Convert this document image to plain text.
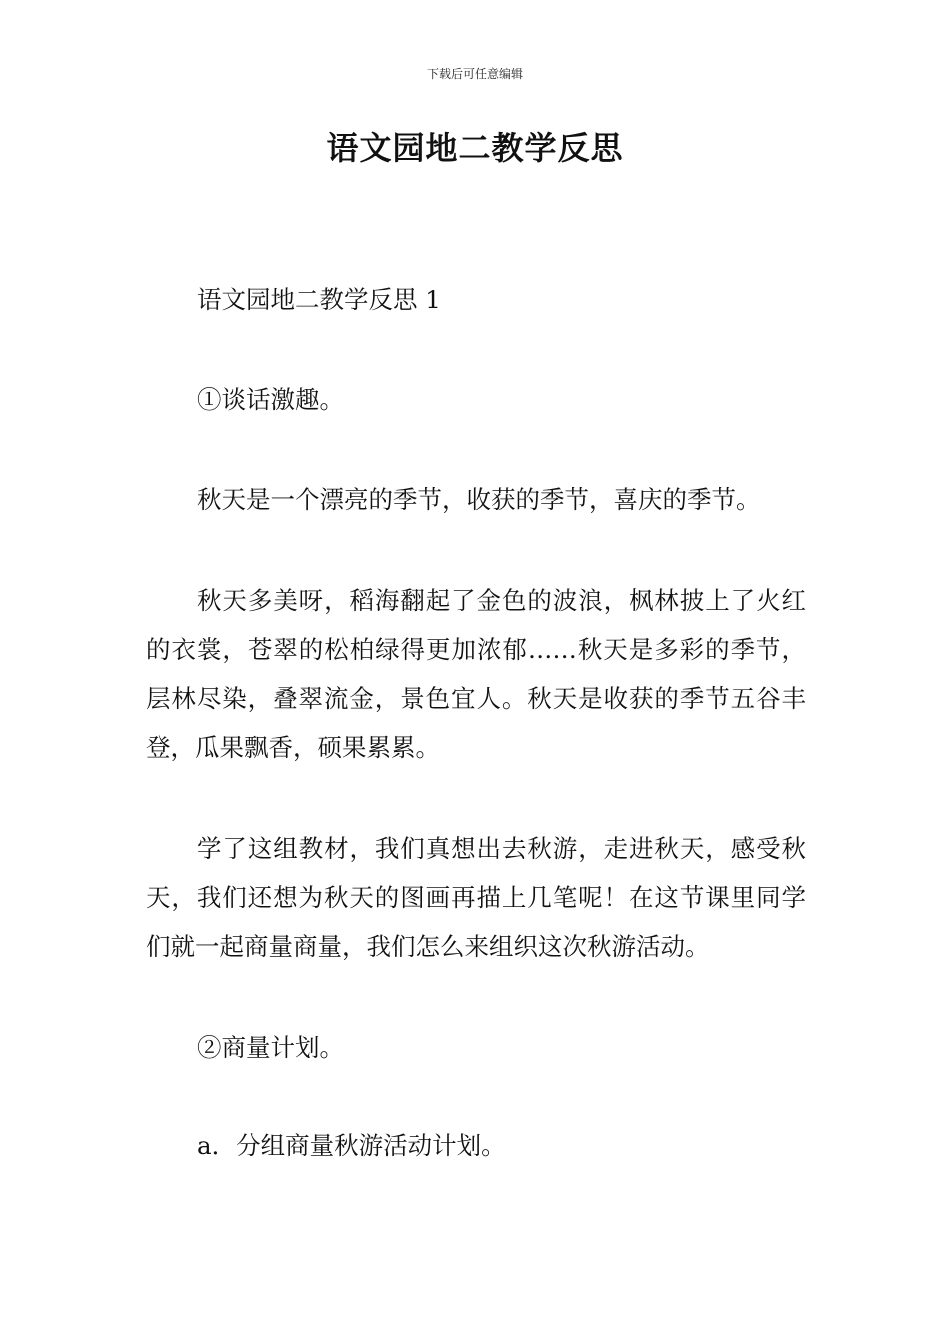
下载后可任意编辑
语文园地二教学反思

语文园地二教学反思 1

①谈话激趣。

秋天是一个漂亮的季节，收获的季节，喜庆的季节。

秋天多美呀，稻海翻起了金色的波浪，枫林披上了火红的衣裳，苍翠的松柏绿得更加浓郁……秋天是多彩的季节，层林尽染，叠翠流金，景色宜人。秋天是收获的季节五谷丰登，瓜果飘香，硕果累累。

学了这组教材，我们真想出去秋游，走进秋天，感受秋天，我们还想为秋天的图画再描上几笔呢！在这节课里同学们就一起商量商量，我们怎么来组织这次秋游活动。

②商量计划。

a．分组商量秋游活动计划。
